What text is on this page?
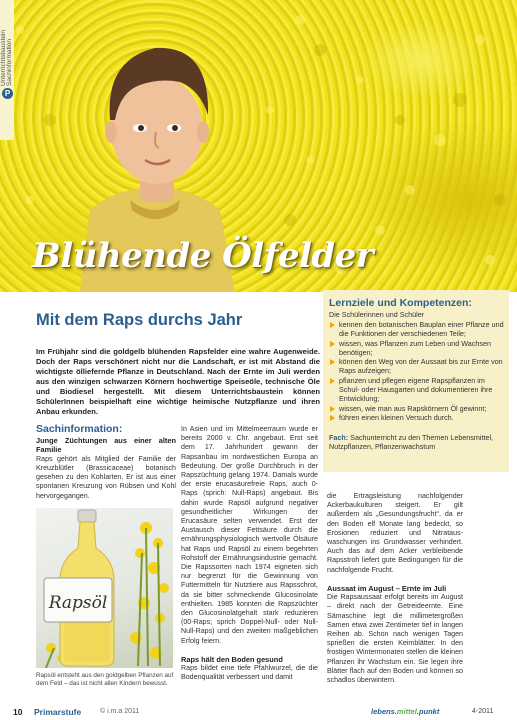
Unterrichtsbaustein Sachinformation
P
Blühende Ölfelder
Lernziele und Kompetenzen:
Die Schülerinnen und Schüler
kennen den botanischen Bauplan einer Pflanze und die Funktionen der verschiedenen Teile;
wissen, was Pflanzen zum Leben und Wachsen benötigen;
können den Weg von der Aussaat bis zur Ernte von Raps aufzeigen;
pflanzen und pflegen eigene Rapspflanzen im Schul- oder Hausgarten und dokumentieren ihre Entwicklung;
wissen, wie man aus Rapskörnern Öl gewinnt;
führen einen kleinen Versuch durch.
Fach: Sachunterricht zu den Themen Lebensmittel, Nutzpflanzen, Pflanzenwachstum
Mit dem Raps durchs Jahr

Im Frühjahr sind die goldgelb blühenden Rapsfelder eine wahre Augenweide. Doch der Raps verschönert nicht nur die Landschaft, er ist mit Abstand die wichtigste ölliefernde Pflanze in Deutschland. Nach der Ernte im Juli werden aus den winzigen schwarzen Körnern hochwertige Speiseöle, technische Öle und Biodiesel hergestellt. Mit diesem Unterrichtsbaustein können SchülerInnen beispielhaft eine wichtige heimische Nutzpflanze und ihren Anbau erkunden.

Sachinformation:
Junge Züchtungen aus einer alten Familie

Raps gehört als Mitglied der Familie der Kreuzblütler (Brassicaceae) botanisch gesehen zu den Kohlarten. Er ist aus einer spontanen Kreuzung von Rübsen und Kohl hervorgegangen.

Rapsöl

Rapsöl entsteht aus den goldgelben Pflanzen auf dem Feld – das ist nicht allen Kindern bewusst.

In Asien und im Mittelmeerraum wurde er bereits 2000 v. Chr. angebaut. Erst seit dem 17. Jahrhundert gewann der Rapsanbau im nordwestlichen Europa an Bedeutung. Der große Durchbruch in der Rapszüchtung gelang 1974. Damals wurde der erste erucasäurefreie Raps, auch 0-Raps (sprich: Null-Raps) angebaut. Bis dahin wurde Rapsöl aufgrund negativer gesundheitlicher Wirkungen der Erucasäure selten verwendet. Erst der Austausch dieser Fettsäure durch die ernährungsphysiologisch wertvolle Ölsäure hat Raps und Rapsöl zu einem begehrten Rohstoff der Ernährungsindustrie gemacht. Die Rapssorten nach 1974 eigneten sich nur begrenzt für die Gewinnung von Futtermitteln für Nutztiere aus Rapsschrot, da sie bitter schmeckende Glucosinolate enthielten. 1985 konnten die Rapszüchter den Glucosinolatgehalt stark reduzieren (00-Raps; sprich Doppel-Null- oder Null-Null-Raps) und den zweiten maßgeblichen Erfolg feiern.

Raps hält den Boden gesund

Raps bildet eine tiefe Pfahlwurzel, die die Bodenqualität verbessert und damit

die Ertragsleistung nachfolgender Ackerbaukulturen steigert. Er gilt außerdem als „Gesundungsfrucht“, da er den Boden elf Monate lang bedeckt, so Erosionen reduziert und Nitratauswaschungen ins Grundwasser verhindert. Auch das auf dem Acker verbleibende Rapsstroh liefert gute Bedingungen für die nachfolgende Frucht.

Aussaat im August – Ernte im Juli

Die Rapsaussaat erfolgt bereits im August – direkt nach der Getreideernte. Eine Sämaschine legt die millimetergroßen Samen etwa zwei Zentimeter tief in langen Reihen ab. Schon nach wenigen Tagen sprießen die ersten Keimblätter. In den frostigen Wintermonaten stellen die kleinen Pflanzen ihr Wachstum ein. Sie legen ihre Blätter flach auf den Boden und können so schadlos überwintern.

10 Primarstufe	© i.m.a 2011	lebens.mittel.punkt	4-2011
